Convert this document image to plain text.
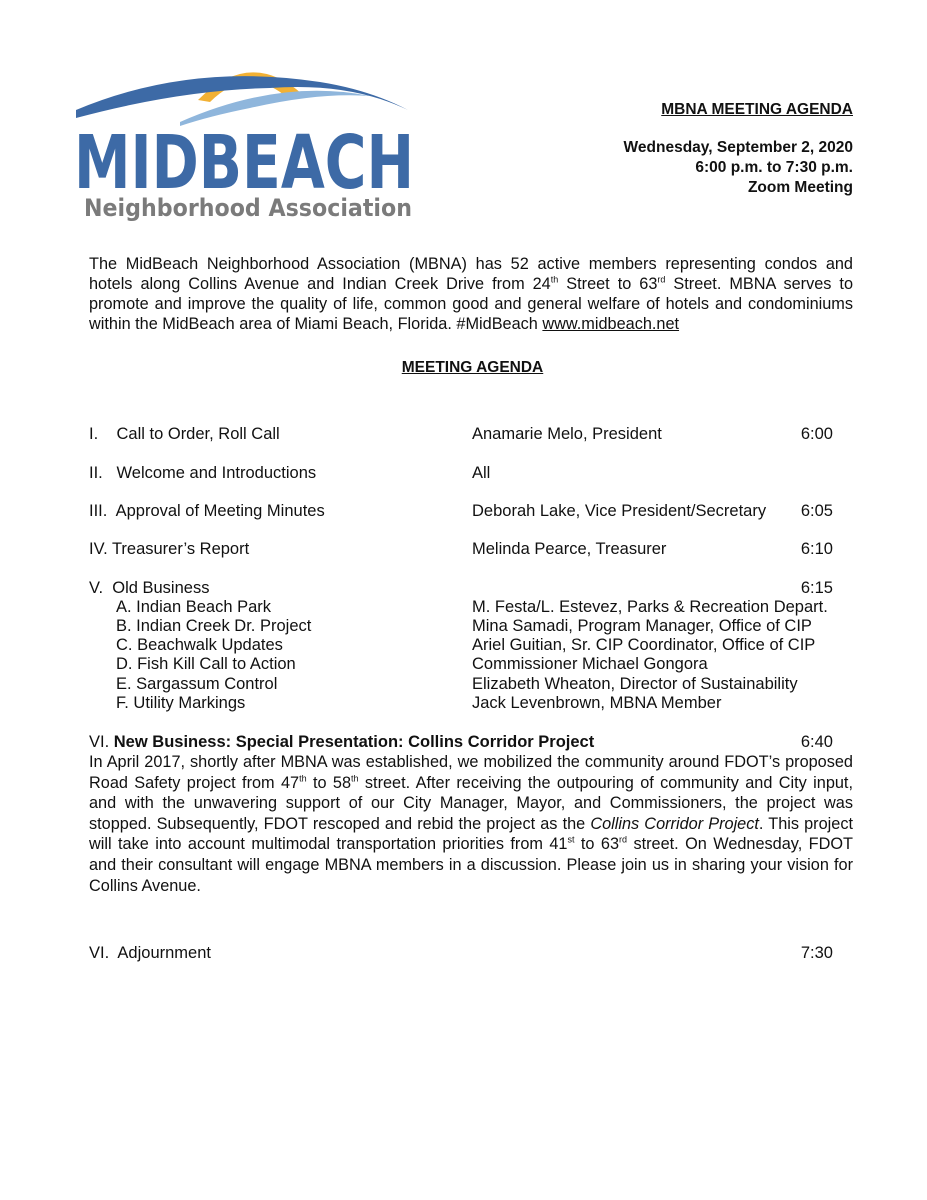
MIDBEACH
Neighborhood Association
MBNA MEETING AGENDA
Wednesday, September 2, 2020
6:00 p.m. to 7:30 p.m.
Zoom Meeting
The MidBeach Neighborhood Association (MBNA) has 52 active members representing condos and hotels along Collins Avenue and Indian Creek Drive from 24th Street to 63rd Street. MBNA serves to promote and improve the quality of life, common good and general welfare of hotels and condominiums within the MidBeach area of Miami Beach, Florida. #MidBeach www.midbeach.net
MEETING AGENDA
I.    Call to Order, Roll Call	Anamarie Melo, President	6:00
II.   Welcome and Introductions	All
III.  Approval of Meeting Minutes	Deborah Lake, Vice President/Secretary 6:05
IV. Treasurer’s Report	Melinda Pearce, Treasurer	6:10
V.  Old Business	6:15
A. Indian Beach Park	M. Festa/L. Estevez, Parks & Recreation Depart.
B. Indian Creek Dr. Project	Mina Samadi, Program Manager, Office of CIP
C. Beachwalk Updates	Ariel Guitian, Sr. CIP Coordinator, Office of CIP
D. Fish Kill Call to Action	Commissioner Michael Gongora
E. Sargassum Control	Elizabeth Wheaton, Director of Sustainability
F. Utility Markings	Jack Levenbrown, MBNA Member
VI. New Business: Special Presentation: Collins Corridor Project	6:40
In April 2017, shortly after MBNA was established, we mobilized the community around FDOT’s proposed Road Safety project from 47th to 58th street. After receiving the outpouring of community and City input, and with the unwavering support of our City Manager, Mayor, and Commissioners, the project was stopped. Subsequently, FDOT rescoped and rebid the project as the Collins Corridor Project. This project will take into account multimodal transportation priorities from 41st to 63rd street. On Wednesday, FDOT and their consultant will engage MBNA members in a discussion. Please join us in sharing your vision for Collins Avenue.
VI.  Adjournment	7:30
